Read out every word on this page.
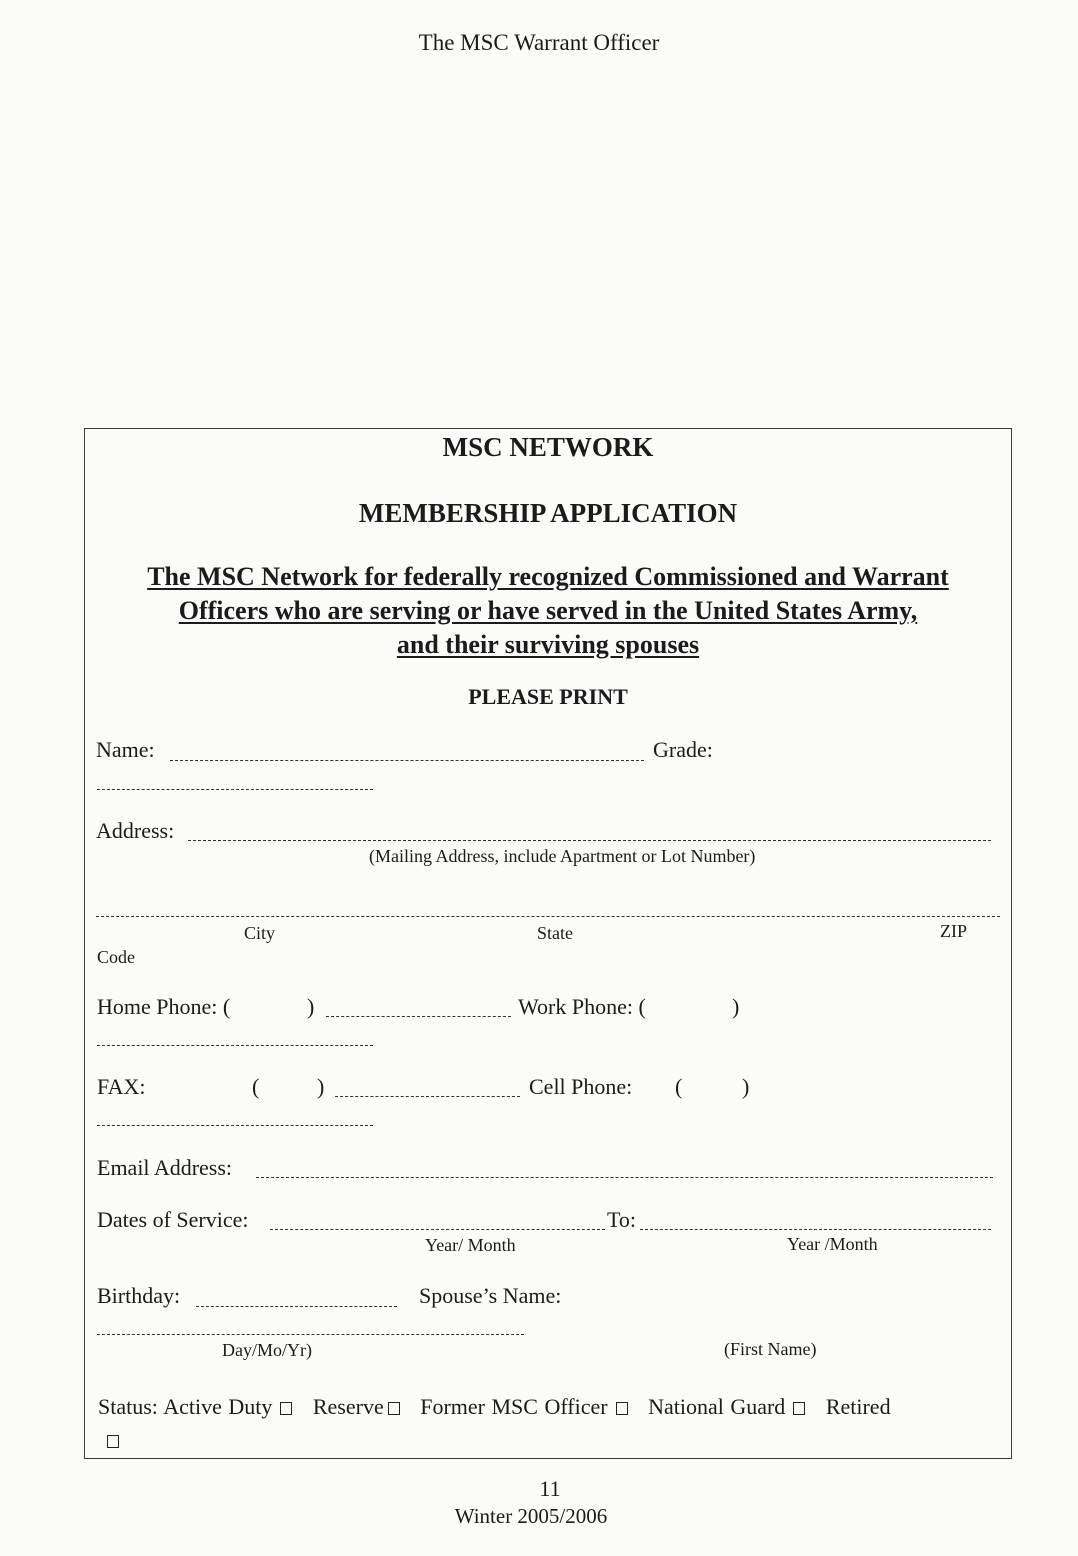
The MSC Warrant Officer
MSC NETWORK
MEMBERSHIP APPLICATION
The MSC Network for federally recognized Commissioned and Warrant
Officers who are serving or have served in the United States Army,
and their surviving spouses
PLEASE PRINT
Name:	Grade:
Address:
(Mailing Address, include Apartment or Lot Number)
City	State	ZIP
Code
Home Phone: (	)	Work Phone: (	)
FAX:	(	)	Cell Phone: (	)
Email Address:
Dates of Service:	To:
Year/ Month	Year /Month
Birthday:	Spouse’s Name:
Day/Mo/Yr)	(First Name)
Status: Active Duty Reserve Former MSC Officer National Guard Retired
11
Winter 2005/2006
